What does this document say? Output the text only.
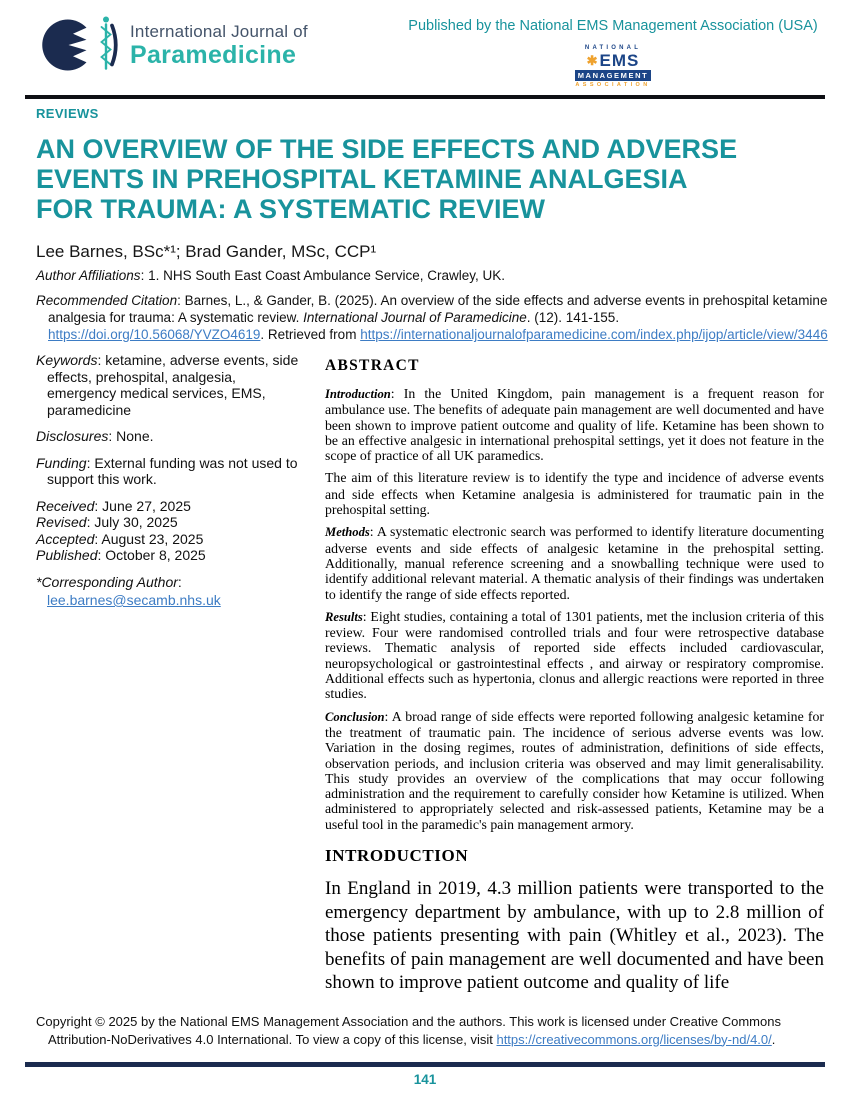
International Journal of
Paramedicine
Published by the National EMS Management Association (USA)
NATIONAL
✱ EMS
MANAGEMENT
ASSOCIATION
REVIEWS
AN OVERVIEW OF THE SIDE EFFECTS AND ADVERSE EVENTS IN PREHOSPITAL KETAMINE ANALGESIA FOR TRAUMA: A SYSTEMATIC REVIEW
Lee Barnes, BSc*¹; Brad Gander, MSc, CCP¹
Author Affiliations: 1. NHS South East Coast Ambulance Service, Crawley, UK.
Recommended Citation: Barnes, L., & Gander, B. (2025). An overview of the side effects and adverse events in prehospital ketamine analgesia for trauma: A systematic review. International Journal of Paramedicine. (12). 141-155. https://doi.org/10.56068/YVZO4619. Retrieved from https://internationaljournalofparamedicine.com/index.php/ijop/article/view/3446

Keywords: ketamine, adverse events, side effects, prehospital, analgesia, emergency medical services, EMS, paramedicine

Disclosures: None.

Funding: External funding was not used to support this work.

Received: June 27, 2025

Revised: July 30, 2025

Accepted: August 23, 2025

Published: October 8, 2025

*Corresponding Author:

lee.barnes@secamb.nhs.uk
ABSTRACT

Introduction: In the United Kingdom, pain management is a frequent reason for ambulance use. The benefits of adequate pain management are well documented and have been shown to improve patient outcome and quality of life. Ketamine has been shown to be an effective analgesic in international prehospital settings, yet it does not feature in the scope of practice of all UK paramedics.

The aim of this literature review is to identify the type and incidence of adverse events and side effects when Ketamine analgesia is administered for traumatic pain in the prehospital setting.

Methods: A systematic electronic search was performed to identify literature documenting adverse events and side effects of analgesic ketamine in the prehospital setting. Additionally, manual reference screening and a snowballing technique were used to identify additional relevant material. A thematic analysis of their findings was undertaken to identify the range of side effects reported.

Results: Eight studies, containing a total of 1301 patients, met the inclusion criteria of this review. Four were randomised controlled trials and four were retrospective database reviews. Thematic analysis of reported side effects included cardiovascular, neuropsychological or gastrointestinal effects , and airway or respiratory compromise. Additional effects such as hypertonia, clonus and allergic reactions were reported in three studies.

Conclusion: A broad range of side effects were reported following analgesic ketamine for the treatment of traumatic pain. The incidence of serious adverse events was low. Variation in the dosing regimes, routes of administration, definitions of side effects, observation periods, and inclusion criteria was observed and may limit generalisability. This study provides an overview of the complications that may occur following administration and the requirement to carefully consider how Ketamine is utilized. When administered to appropriately selected and risk-assessed patients, Ketamine may be a useful tool in the paramedic's pain management armory.

INTRODUCTION

In England in 2019, 4.3 million patients were transported to the emergency department by ambulance, with up to 2.8 million of those patients presenting with pain (Whitley et al., 2023). The benefits of pain management are well documented and have been shown to improve patient outcome and quality of life

Copyright © 2025 by the National EMS Management Association and the authors. This work is licensed under Creative Commons Attribution-NoDerivatives 4.0 International. To view a copy of this license, visit https://creativecommons.org/licenses/by-nd/4.0/.
141
